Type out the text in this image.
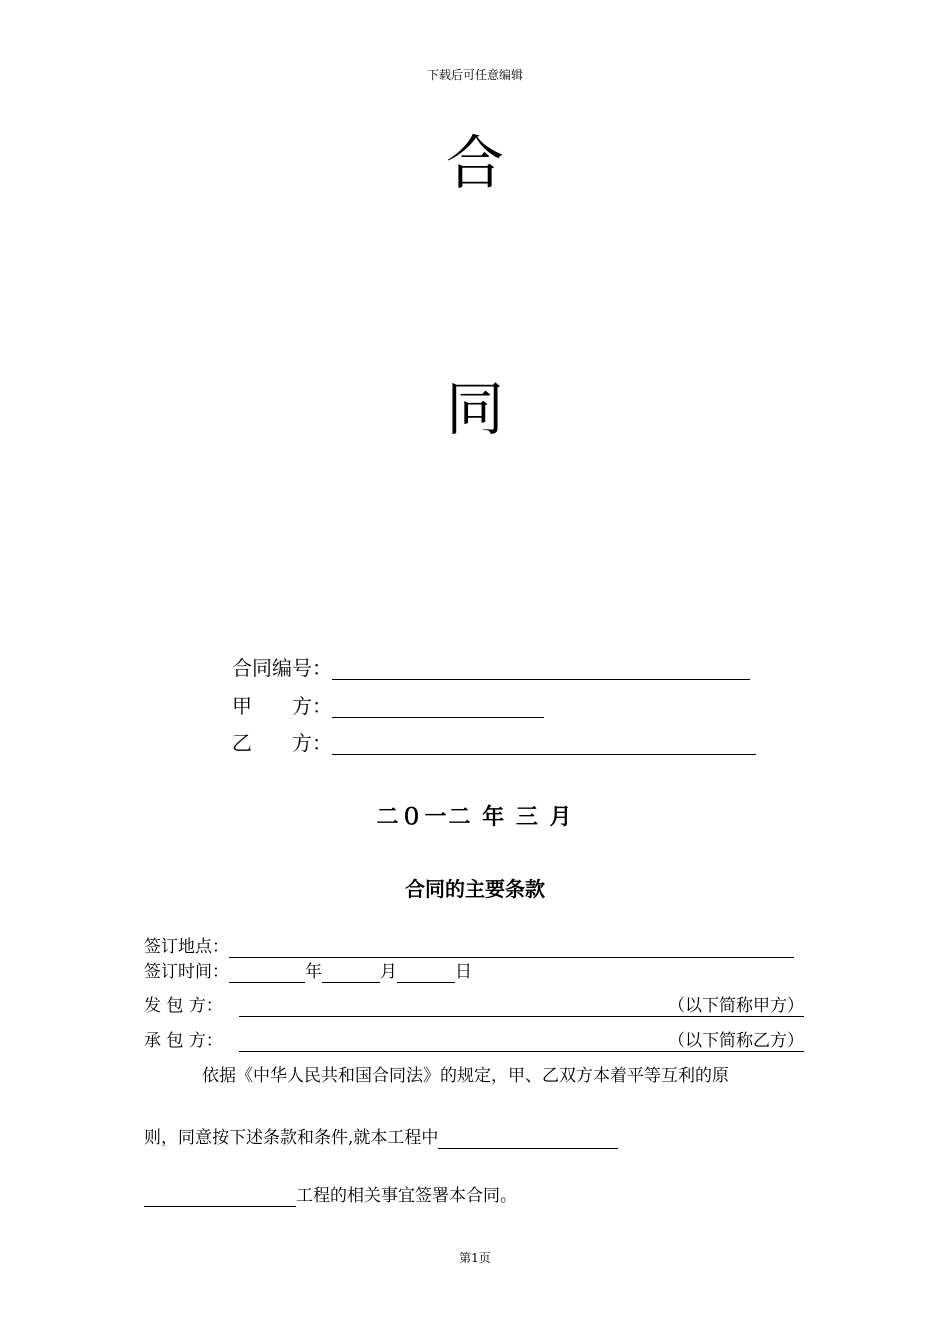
下载后可任意编辑
合
同
合同编号：
甲　　方：
乙　　方：
二０一二 年 三 月
合同的主要条款
签订地点：
签订时间：	年	月	日
发 包 方：	（以下简称甲方）
承 包 方：	（以下简称乙方）
依据《中华人民共和国合同法》的规定，甲、乙双方本着平等互利的原
则，同意按下述条款和条件,就本工程中
工程的相关事宜签署本合同。
第1页
